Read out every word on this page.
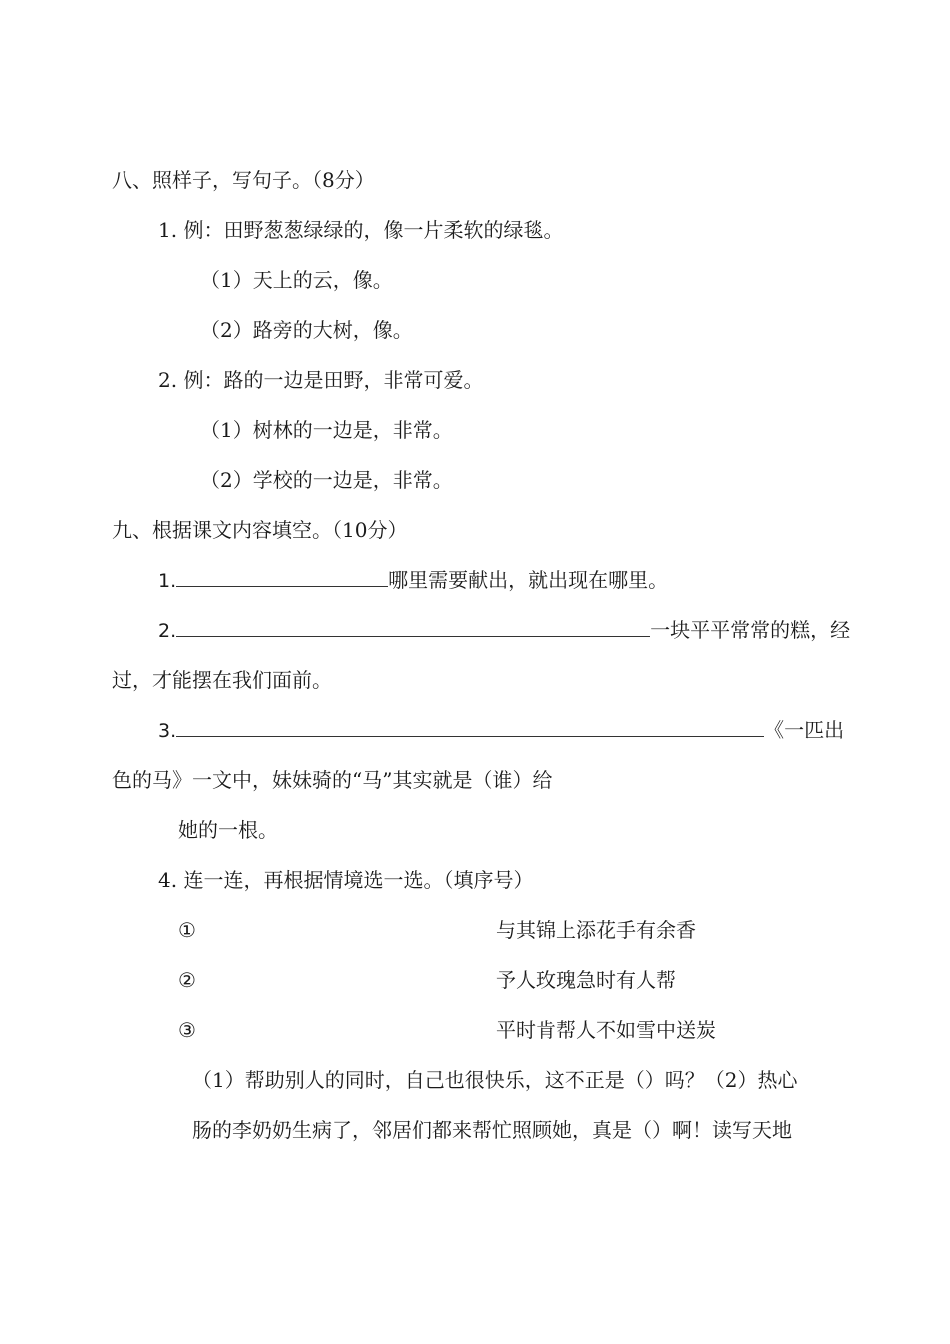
八、照样子，写句子。（8分）
1. 例：田野葱葱绿绿的，像一片柔软的绿毯。
（1）天上的云，像。
（2）路旁的大树，像。
2. 例：路的一边是田野，非常可爱。
（1）树林的一边是，非常。
（2）学校的一边是，非常。
九、根据课文内容填空。（10分）
1.	哪里需要献出，就出现在哪里。
2.	一块平平常常的糕，经
过，才能摆在我们面前。
3.	《一匹出
色的马》一文中，妹妹骑的“马”其实就是（谁）给
她的一根。
4. 连一连，再根据情境选一选。（填序号）
①	与其锦上添花手有余香
②	予人玫瑰急时有人帮
③	平时肯帮人不如雪中送炭
（1）帮助别人的同时，自己也很快乐，这不正是（）吗？（2）热心
肠的李奶奶生病了，邻居们都来帮忙照顾她，真是（）啊！读写天地
